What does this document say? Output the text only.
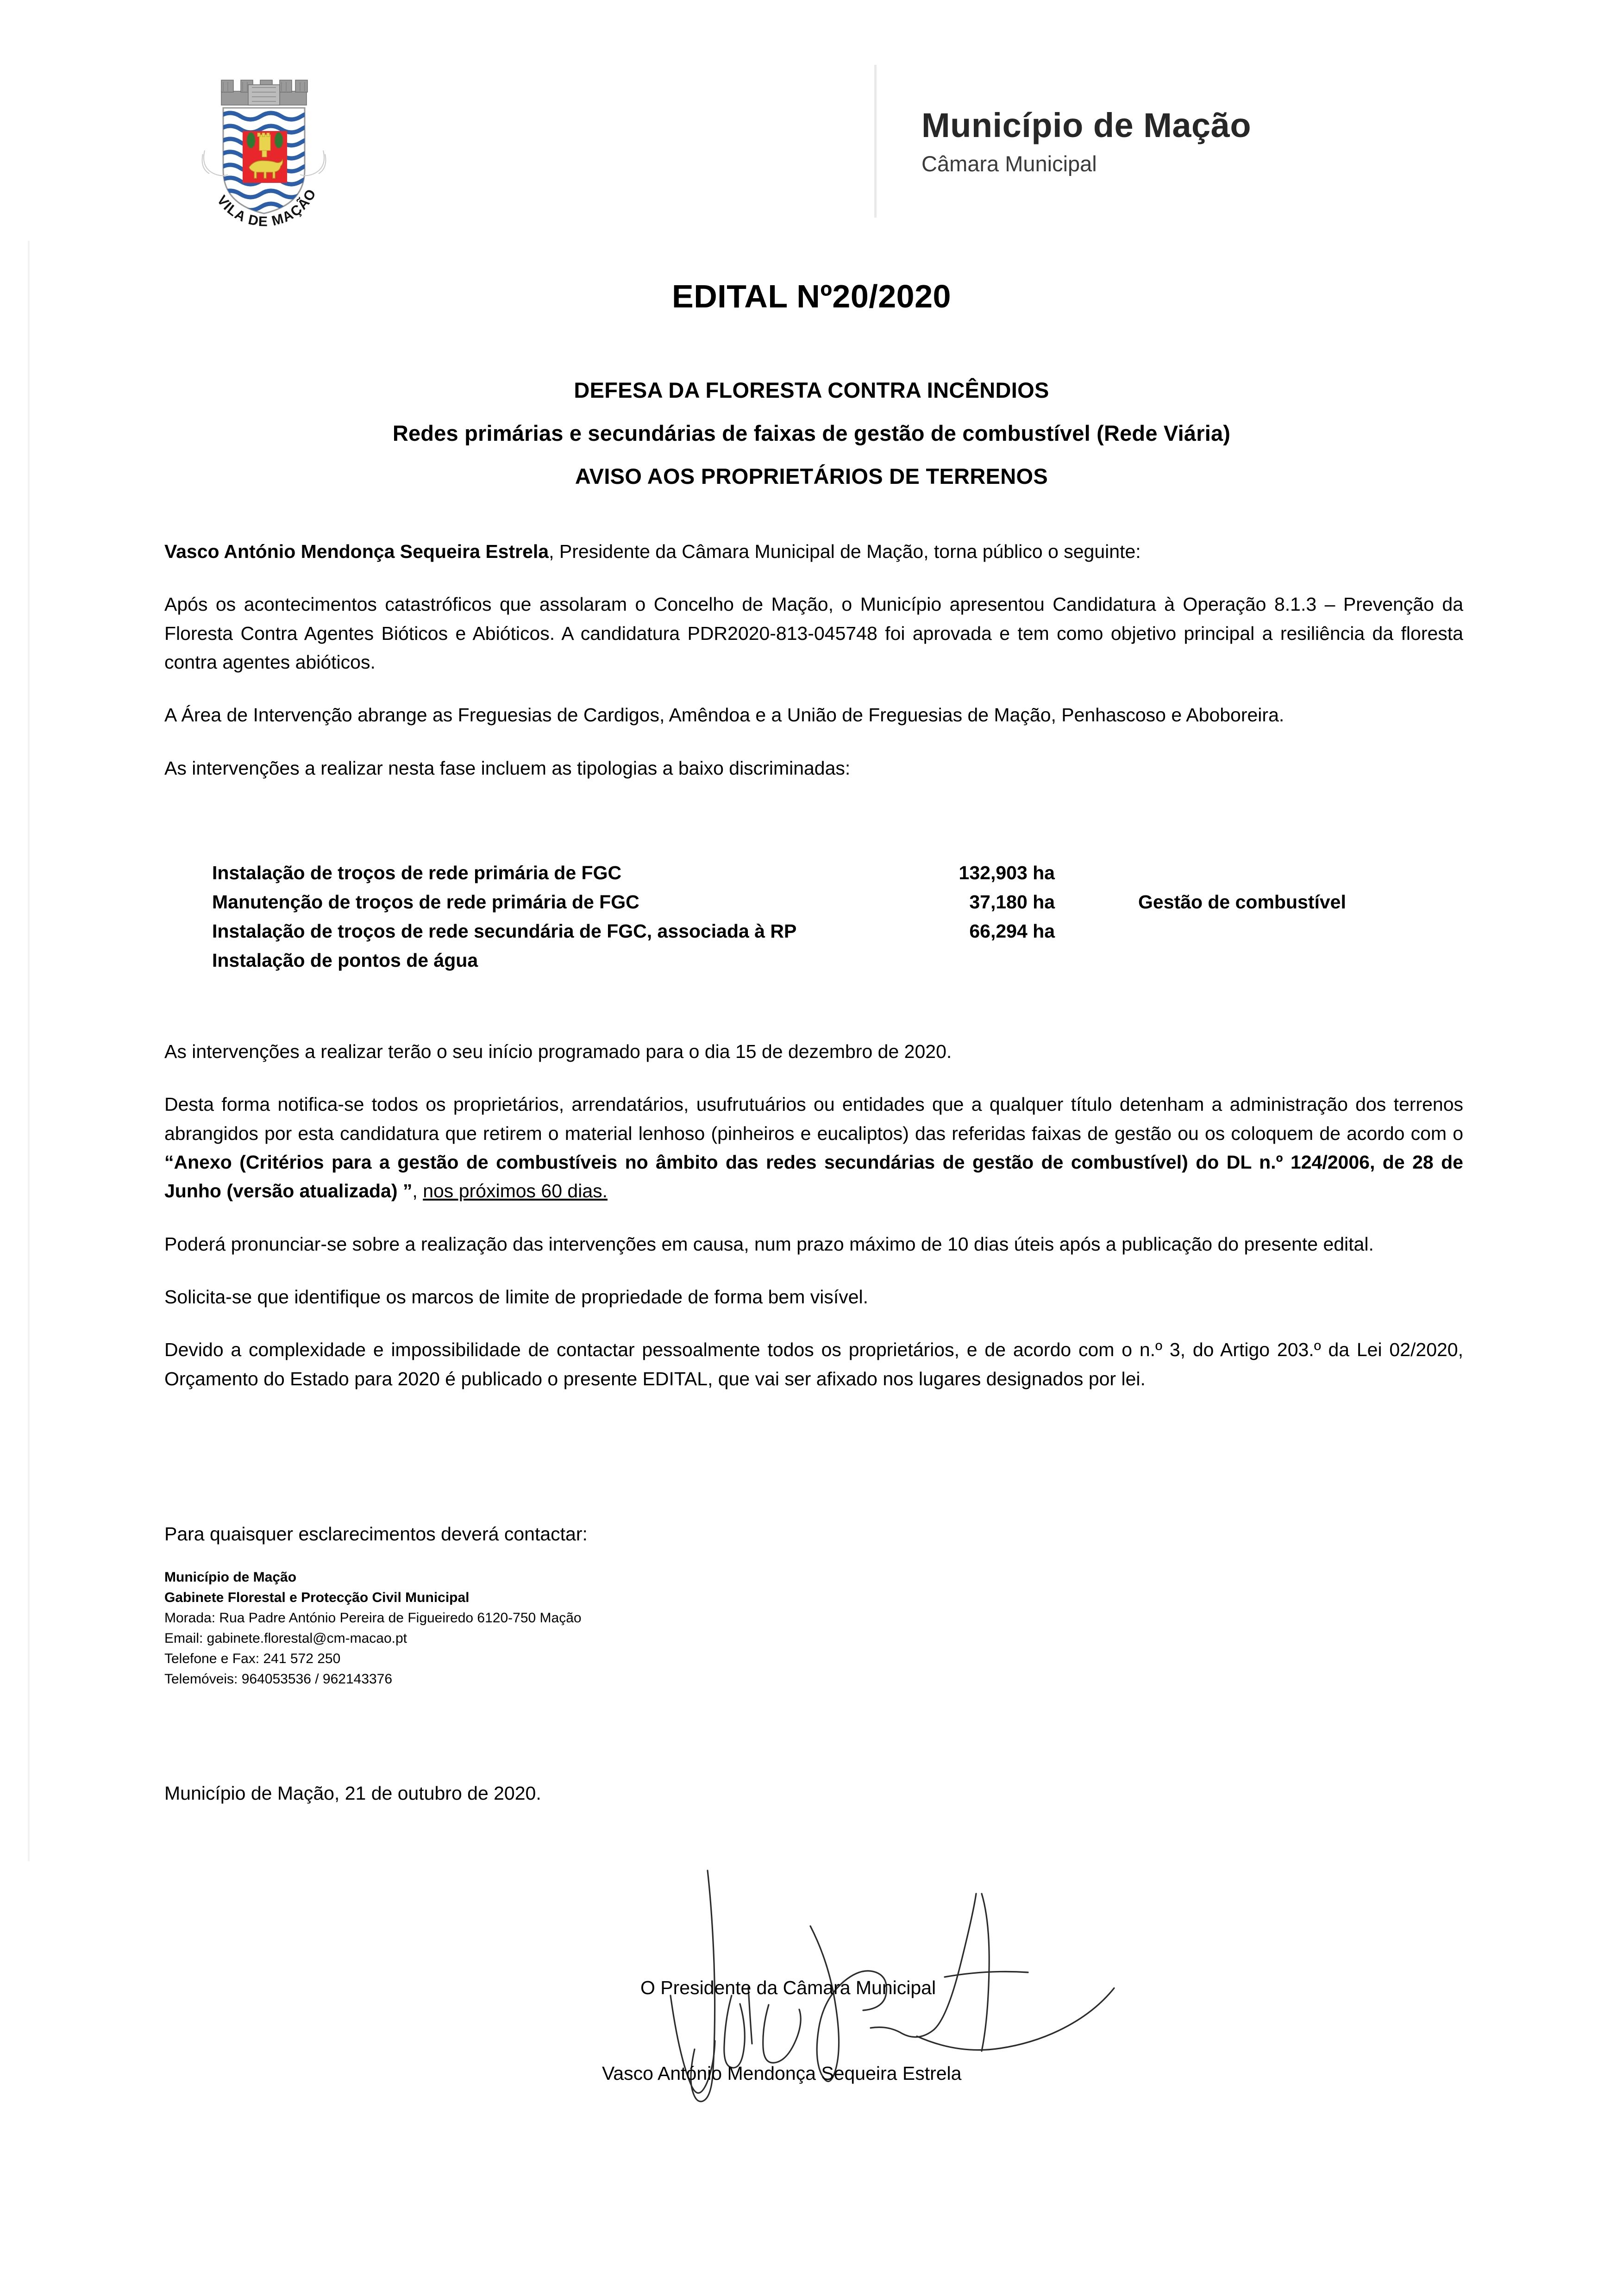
VILA DE MAÇÃO
Município de Mação
Câmara Municipal
EDITAL Nº20/2020
DEFESA DA FLORESTA CONTRA INCÊNDIOS
Redes primárias e secundárias de faixas de gestão de combustível (Rede Viária)
AVISO AOS PROPRIETÁRIOS DE TERRENOS

Vasco António Mendonça Sequeira Estrela, Presidente da Câmara Municipal de Mação, torna público o seguinte:

Após os acontecimentos catastróficos que assolaram o Concelho de Mação, o Município apresentou Candidatura à Operação 8.1.3 – Prevenção da Floresta Contra Agentes Bióticos e Abióticos. A candidatura PDR2020-813-045748 foi aprovada e tem como objetivo principal a resiliência da floresta contra agentes abióticos.

A Área de Intervenção abrange as Freguesias de Cardigos, Amêndoa e a União de Freguesias de Mação, Penhascoso e Aboboreira.

As intervenções a realizar nesta fase incluem as tipologias a baixo discriminadas:

Instalação de troços de rede primária de FGC	132,903 ha
Manutenção de troços de rede primária de FGC	37,180 ha	Gestão de combustível
Instalação de troços de rede secundária de FGC, associada à RP	66,294 ha
Instalação de pontos de água

As intervenções a realizar terão o seu início programado para o dia 15 de dezembro de 2020.

Desta forma notifica-se todos os proprietários, arrendatários, usufrutuários ou entidades que a qualquer título detenham a administração dos terrenos abrangidos por esta candidatura que retirem o material lenhoso (pinheiros e eucaliptos) das referidas faixas de gestão ou os coloquem de acordo com o “Anexo (Critérios para a gestão de combustíveis no âmbito das redes secundárias de gestão de combustível) do DL n.º 124/2006, de 28 de Junho (versão atualizada) ”, nos próximos 60 dias.

Poderá pronunciar-se sobre a realização das intervenções em causa, num prazo máximo de 10 dias úteis após a publicação do presente edital.

Solicita-se que identifique os marcos de limite de propriedade de forma bem visível.

Devido a complexidade e impossibilidade de contactar pessoalmente todos os proprietários, e de acordo com o n.º 3, do Artigo 203.º da Lei 02/2020, Orçamento do Estado para 2020 é publicado o presente EDITAL, que vai ser afixado nos lugares designados por lei.

Para quaisquer esclarecimentos deverá contactar:
Município de Mação
Gabinete Florestal e Protecção Civil Municipal
Morada: Rua Padre António Pereira de Figueiredo 6120-750 Mação
Email: gabinete.florestal@cm-macao.pt
Telefone e Fax: 241 572 250
Telemóveis: 964053536 / 962143376
Município de Mação, 21 de outubro de 2020.
O Presidente da Câmara Municipal
Vasco António Mendonça Sequeira Estrela
